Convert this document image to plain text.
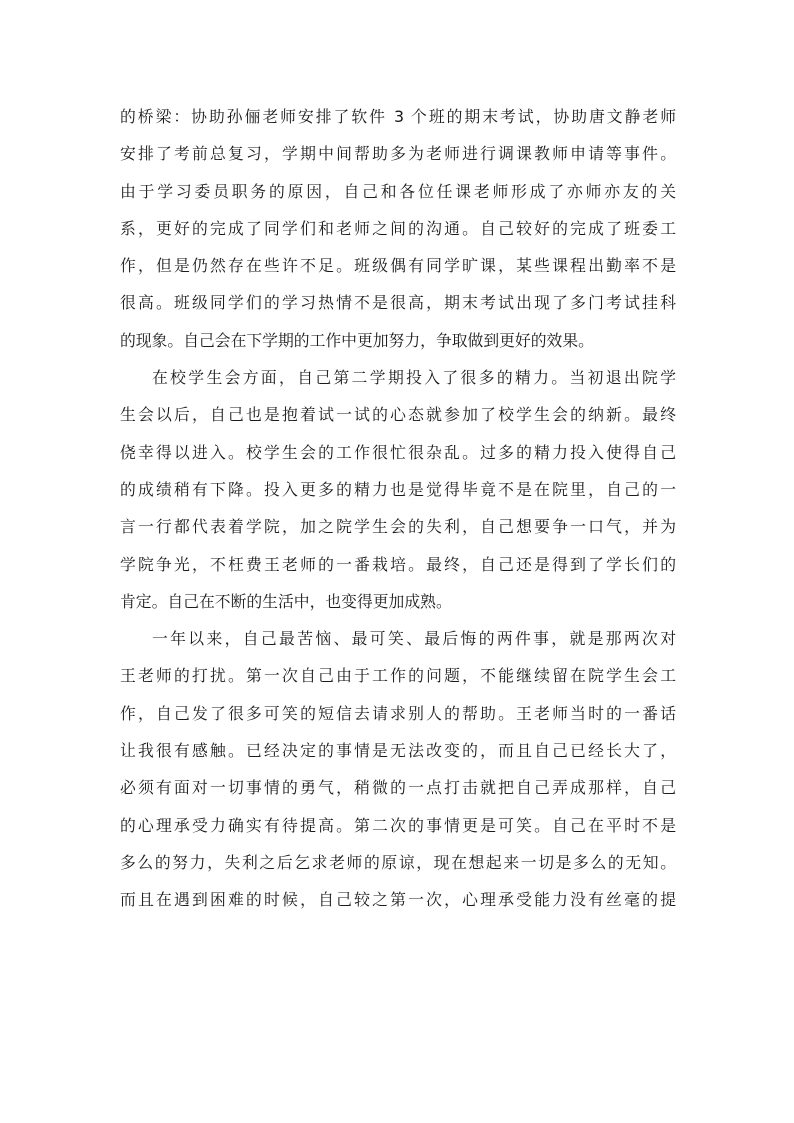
的桥梁：协助孙俪老师安排了软件 3 个班的期末考试，协助唐文静老师
安排了考前总复习，学期中间帮助多为老师进行调课教师申请等事件。
由于学习委员职务的原因，自己和各位任课老师形成了亦师亦友的关
系，更好的完成了同学们和老师之间的沟通。自己较好的完成了班委工
作，但是仍然存在些许不足。班级偶有同学旷课，某些课程出勤率不是
很高。班级同学们的学习热情不是很高，期末考试出现了多门考试挂科
的现象。自己会在下学期的工作中更加努力，争取做到更好的效果。
在校学生会方面，自己第二学期投入了很多的精力。当初退出院学
生会以后，自己也是抱着试一试的心态就参加了校学生会的纳新。最终
侥幸得以进入。校学生会的工作很忙很杂乱。过多的精力投入使得自己
的成绩稍有下降。投入更多的精力也是觉得毕竟不是在院里，自己的一
言一行都代表着学院，加之院学生会的失利，自己想要争一口气，并为
学院争光，不枉费王老师的一番栽培。最终，自己还是得到了学长们的
肯定。自己在不断的生活中，也变得更加成熟。
一年以来，自己最苦恼、最可笑、最后悔的两件事，就是那两次对
王老师的打扰。第一次自己由于工作的问题，不能继续留在院学生会工
作，自己发了很多可笑的短信去请求别人的帮助。王老师当时的一番话
让我很有感触。已经决定的事情是无法改变的，而且自己已经长大了，
必须有面对一切事情的勇气，稍微的一点打击就把自己弄成那样，自己
的心理承受力确实有待提高。第二次的事情更是可笑。自己在平时不是
多么的努力，失利之后乞求老师的原谅，现在想起来一切是多么的无知。
而且在遇到困难的时候，自己较之第一次，心理承受能力没有丝毫的提
